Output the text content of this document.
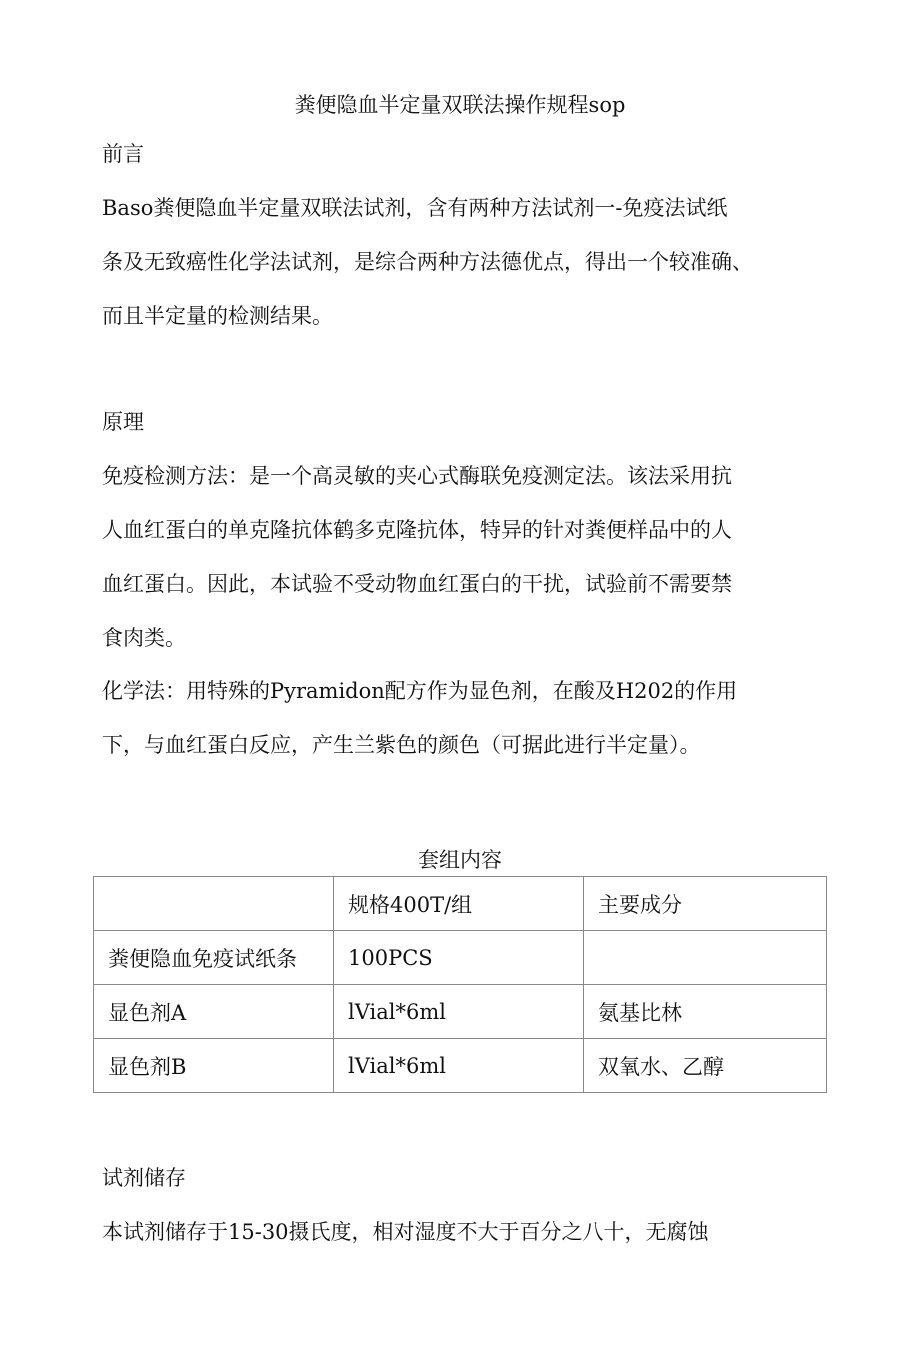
粪便隐血半定量双联法操作规程sop
前言
Baso粪便隐血半定量双联法试剂，含有两种方法试剂一-免疫法试纸
条及无致癌性化学法试剂，是综合两种方法德优点，得出一个较准确、
而且半定量的检测结果。
原理
免疫检测方法：是一个高灵敏的夹心式酶联免疫测定法。该法采用抗
人血红蛋白的单克隆抗体鹤多克隆抗体，特异的针对粪便样品中的人
血红蛋白。因此，本试验不受动物血红蛋白的干扰，试验前不需要禁
食肉类。
化学法：用特殊的Pyramidon配方作为显色剂，在酸及H202的作用
下，与血红蛋白反应，产生兰紫色的颜色（可据此进行半定量）。
套组内容
	规格400T/组	主要成分
粪便隐血免疫试纸条	100PCS	
显色剂A	lVial*6ml	氨基比林
显色剂B	lVial*6ml	双氧水、乙醇
试剂储存
本试剂储存于15-30摄氏度，相对湿度不大于百分之八十，无腐蚀
